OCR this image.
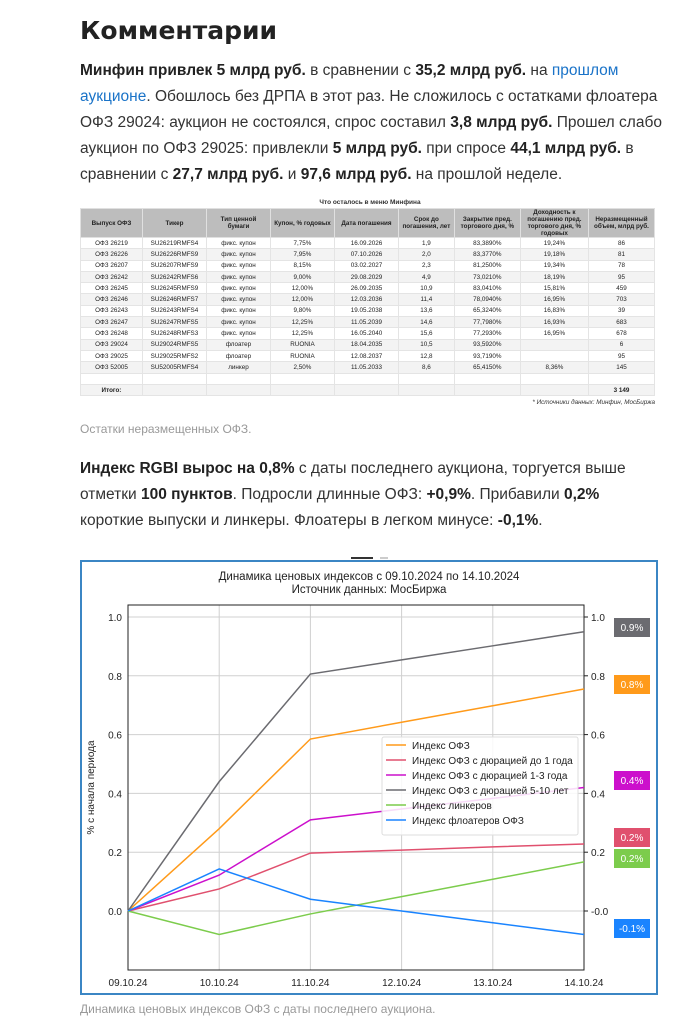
Комментарии
Минфин привлек 5 млрд руб. в сравнении с 35,2 млрд руб. на прошлом аукционе. Обошлось без ДРПА в этот раз. Не сложилось с остатками флоатера ОФЗ 29024: аукцион не состоялся, спрос составил 3,8 млрд руб. Прошел слабо аукцион по ОФЗ 29025: привлекли 5 млрд руб. при спросе 44,1 млрд руб. в сравнении с 27,7 млрд руб. и 97,6 млрд руб. на прошлой неделе.
Что осталось в меню Минфина
Выпуск ОФЗ	Тикер	Тип ценной бумаги	Купон, % годовых	Дата погашения	Срок до погашения, лет	Закрытие пред. торгового дня, %	Доходность к погашению пред. торгового дня, % годовых	Неразмещенный объем, млрд руб.
ОФЗ 26219	SU26219RMFS4	фикс. купон	7,75%	16.09.2026	1,9	83,3890%	19,24%	86
ОФЗ 26226	SU26226RMFS9	фикс. купон	7,95%	07.10.2026	2,0	83,3770%	19,18%	81
ОФЗ 26207	SU26207RMFS9	фикс. купон	8,15%	03.02.2027	2,3	81,2500%	19,34%	78
ОФЗ 26242	SU26242RMFS6	фикс. купон	9,00%	29.08.2029	4,9	73,0210%	18,19%	95
ОФЗ 26245	SU26245RMFS9	фикс. купон	12,00%	26.09.2035	10,9	83,0410%	15,81%	459
ОФЗ 26246	SU26246RMFS7	фикс. купон	12,00%	12.03.2036	11,4	78,0940%	16,95%	703
ОФЗ 26243	SU26243RMFS4	фикс. купон	9,80%	19.05.2038	13,6	65,3240%	16,83%	39
ОФЗ 26247	SU26247RMFS5	фикс. купон	12,25%	11.05.2039	14,6	77,7980%	16,93%	683
ОФЗ 26248	SU26248RMFS3	фикс. купон	12,25%	16.05.2040	15,6	77,2930%	16,95%	678
ОФЗ 29024	SU29024RMFS5	флоатер	RUONIA	18.04.2035	10,5	93,5920%		6
ОФЗ 29025	SU29025RMFS2	флоатер	RUONIA	12.08.2037	12,8	93,7190%		95
ОФЗ 52005	SU52005RMFS4	линкер	2,50%	11.05.2033	8,6	65,4150%	8,36%	145

Итого:								3 149
* Источники данных: Минфин, МосБиржа
Остатки неразмещенных ОФЗ.
Индекс RGBI вырос на 0,8% с даты последнего аукциона, торгуется выше отметки 100 пунктов. Подросли длинные ОФЗ: +0,9%. Прибавили 0,2% короткие выпуски и линкеры. Флоатеры в легком минусе: -0,1%.

Динамика ценовых индексов с 09.10.2024 по 14.10.2024
Источник данных: МосБиржа
09.10.24	10.10.24	11.10.24	12.10.24	13.10.24	14.10.24
0.0	-0.0
0.2	0.2
0.4	0.4
0.6	0.6
0.8	0.8
1.0	1.0
% с начала периода	Индекс ОФЗ
Индекс ОФЗ с дюрацией до 1 года
Индекс ОФЗ с дюрацией 1-3 года
Индекс ОФЗ с дюрацией 5-10 лет
Индекс линкеров
Индекс флоатеров ОФЗ
0.8%
0.2%
0.4%
0.9%
0.2%
-0.1%
Динамика ценовых индексов ОФЗ с даты последнего аукциона.
